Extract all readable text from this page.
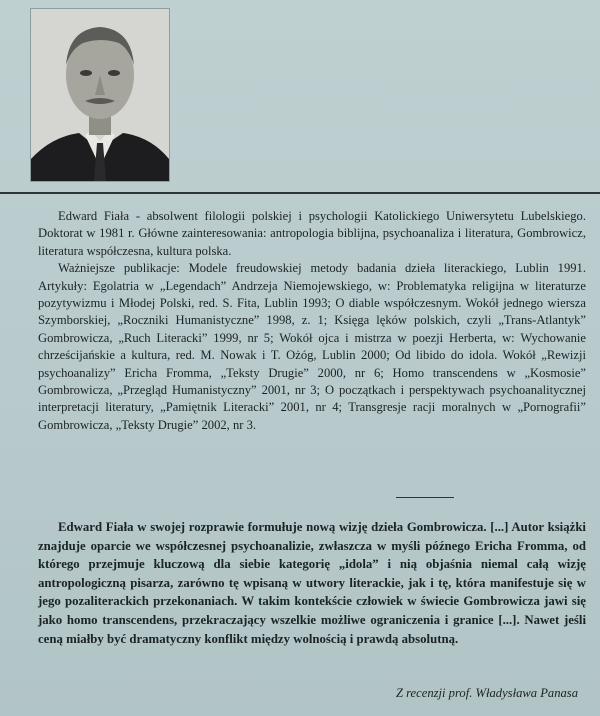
Edward Fiała - absolwent filologii polskiej i psychologii Katolickiego Uniwersytetu Lubelskiego. Doktorat w 1981 r. Główne zainteresowania: antropologia biblijna, psychoanaliza i literatura, Gombrowicz, literatura współczesna, kultura polska.

Ważniejsze publikacje: Modele freudowskiej metody badania dzieła literackiego, Lublin 1991. Artykuły: Egolatria w „Legendach” Andrzeja Niemojewskiego, w: Problematyka religijna w literaturze pozytywizmu i Młodej Polski, red. S. Fita, Lublin 1993; O diable współczesnym. Wokół jednego wiersza Szymborskiej, „Roczniki Humanistyczne” 1998, z. 1; Księga lęków polskich, czyli „Trans-Atlantyk” Gombrowicza, „Ruch Literacki” 1999, nr 5; Wokół ojca i mistrza w poezji Herberta, w: Wychowanie chrześcijańskie a kultura, red. M. Nowak i T. Ożóg, Lublin 2000; Od libido do idola. Wokół „Rewizji psychoanalizy” Ericha Fromma, „Teksty Drugie” 2000, nr 6; Homo transcendens w „Kosmosie” Gombrowicza, „Przegląd Humanistyczny” 2001, nr 3; O początkach i perspektywach psychoanalitycznej interpretacji literatury, „Pamiętnik Literacki” 2001, nr 4; Transgresje racji moralnych w „Pornografii” Gombrowicza, „Teksty Drugie” 2002, nr 3.

Edward Fiała w swojej rozprawie formułuje nową wizję dzieła Gombrowicza. [...] Autor książki znajduje oparcie we współczesnej psychoanalizie, zwłaszcza w myśli późnego Ericha Fromma, od którego przejmuje kluczową dla siebie kategorię „idola” i nią objaśnia niemal całą wizję antropologiczną pisarza, zarówno tę wpisaną w utwory literackie, jak i tę, która manifestuje się w jego pozaliterackich przekonaniach. W takim kontekście człowiek w świecie Gombrowicza jawi się jako homo transcendens, przekraczający wszelkie możliwe ograniczenia i granice [...]. Nawet jeśli ceną miałby być dramatyczny konflikt między wolnością i prawdą absolutną.

Z recenzji prof. Władysława Panasa
